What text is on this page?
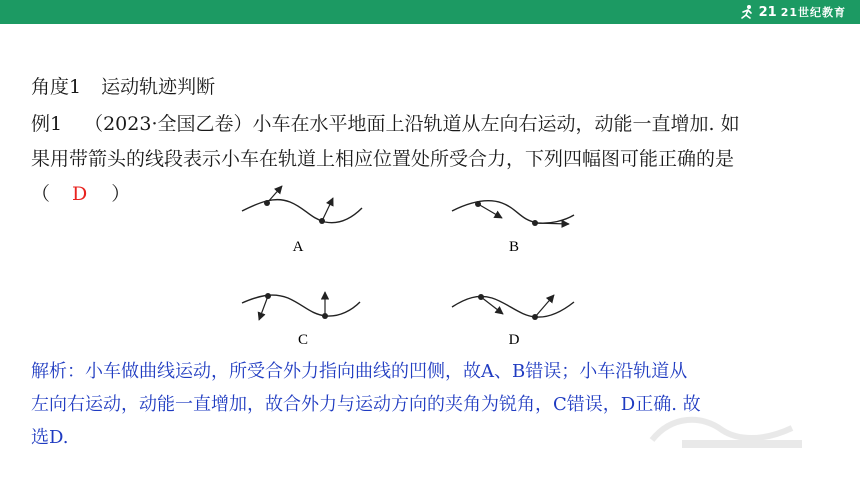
21 21世纪教育
角度1 运动轨迹判断
例1 （2023·全国乙卷）小车在水平地面上沿轨道从左向右运动，动能一直增加. 如
果用带箭头的线段表示小车在轨道上相应位置处所受合力，下列四幅图可能正确的是
（ D ）
A	B
C	D
解析：小车做曲线运动，所受合外力指向曲线的凹侧，故A、B错误；小车沿轨道从
左向右运动，动能一直增加，故合外力与运动方向的夹角为锐角，C错误，D正确. 故
选D.
